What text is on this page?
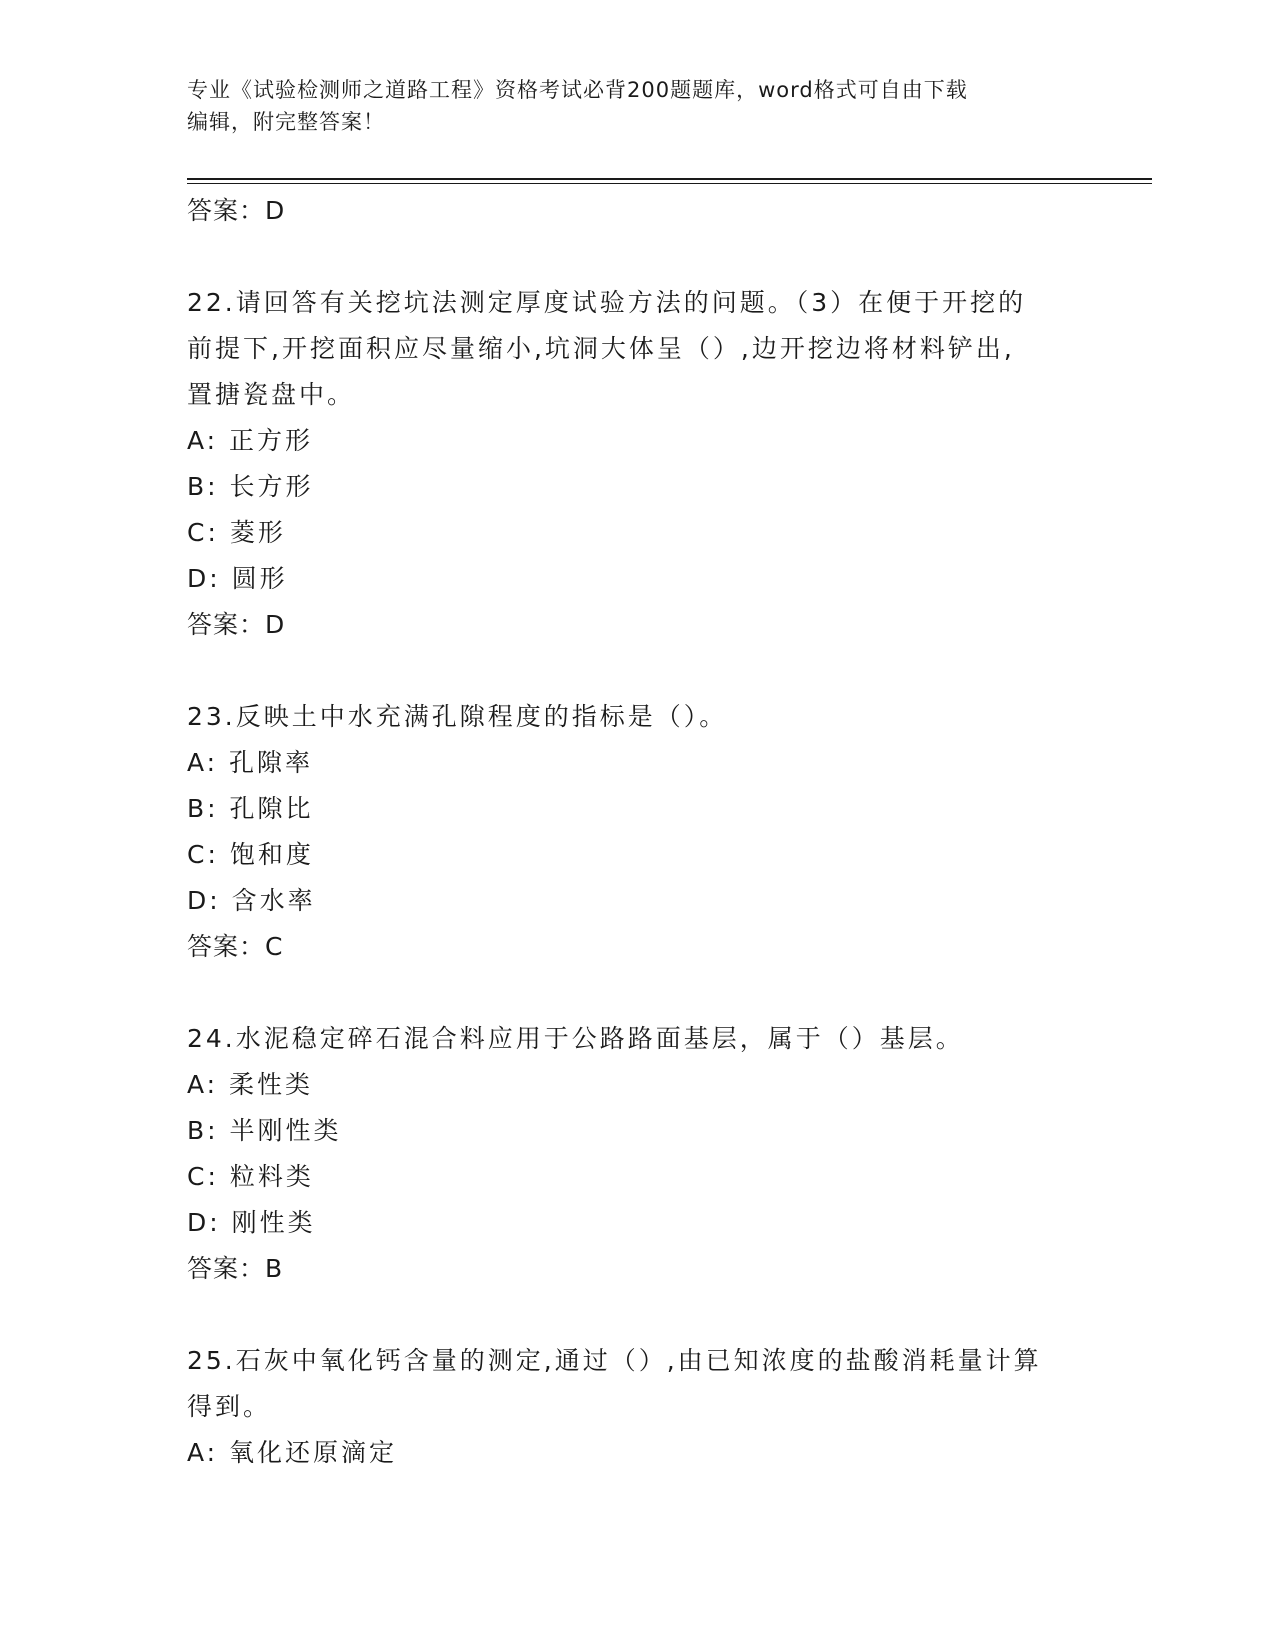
专业《试验检测师之道路工程》资格考试必背200题题库，word格式可自由下载
编辑，附完整答案！
答案：D
22.请回答有关挖坑法测定厚度试验方法的问题。（3）在便于开挖的
前提下,开挖面积应尽量缩小,坑洞大体呈（）,边开挖边将材料铲出,
置搪瓷盘中。
A: 正方形
B: 长方形
C: 菱形
D: 圆形
答案：D
23.反映土中水充满孔隙程度的指标是（）。
A: 孔隙率
B: 孔隙比
C: 饱和度
D: 含水率
答案：C
24.水泥稳定碎石混合料应用于公路路面基层，属于（）基层。
A: 柔性类
B: 半刚性类
C: 粒料类
D: 刚性类
答案：B
25.石灰中氧化钙含量的测定,通过（）,由已知浓度的盐酸消耗量计算
得到。
A: 氧化还原滴定
